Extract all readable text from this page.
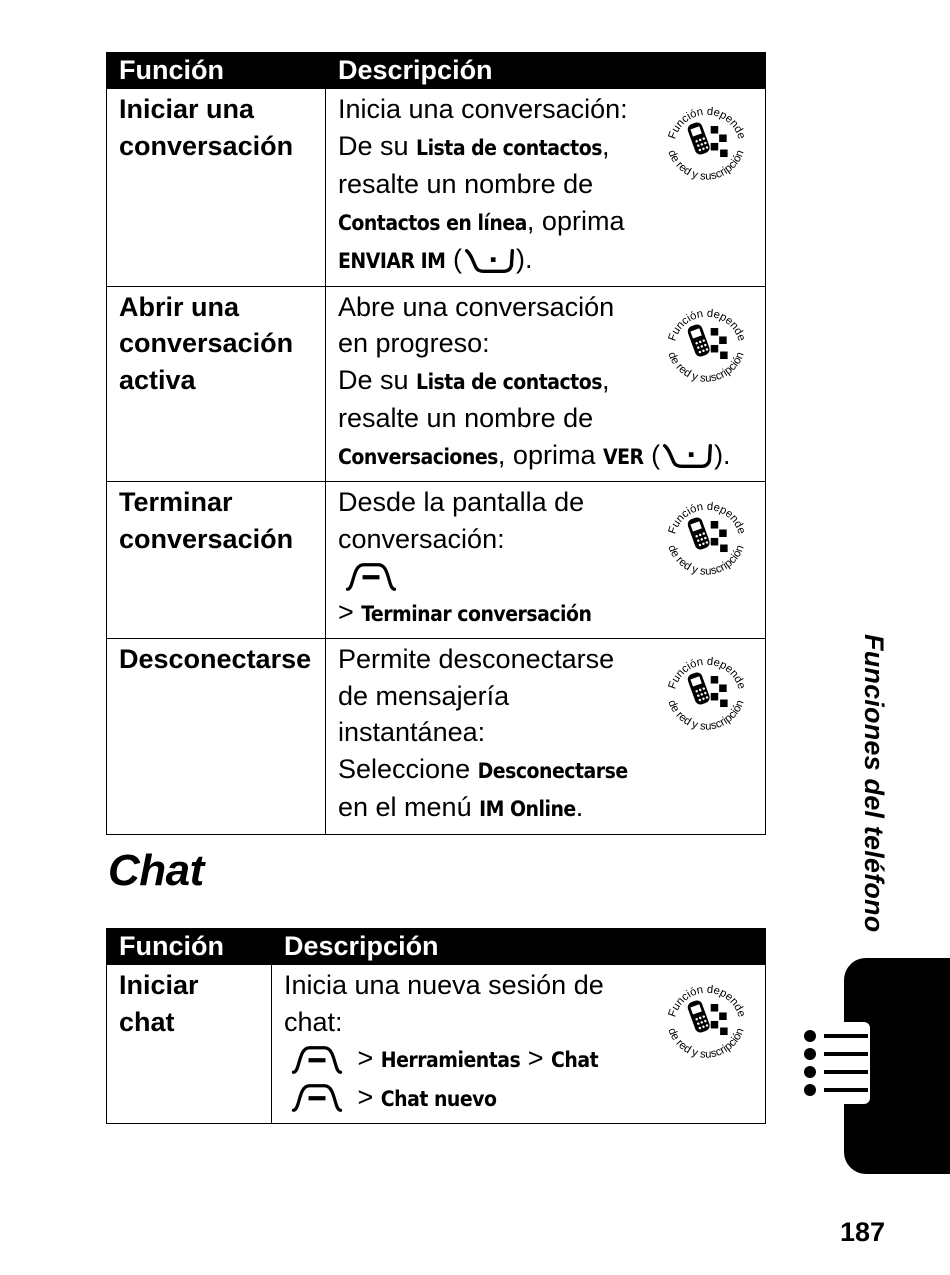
Función	Descripción
Iniciar una conversación	Inicia una conversación:
De su Lista de contactos,
resalte un nombre de
Contactos en línea, oprima
ENVIAR IM ( ).

Abrir una conversación activa	Abre una conversación
en progreso:
De su Lista de contactos,
resalte un nombre de
Conversaciones, oprima VER ( ).

Terminar conversación	Desde la pantalla de
conversación:
> Terminar conversación

Desconectarse	Permite desconectarse
de mensajería
instantánea:
Seleccione Desconectarse
en el menú IM Online.
Chat
Función	Descripción
Iniciar chat	Inicia una nueva sesión de
chat:
> Herramientas > Chat
> Chat nuevo
Funciones del teléfono
187
